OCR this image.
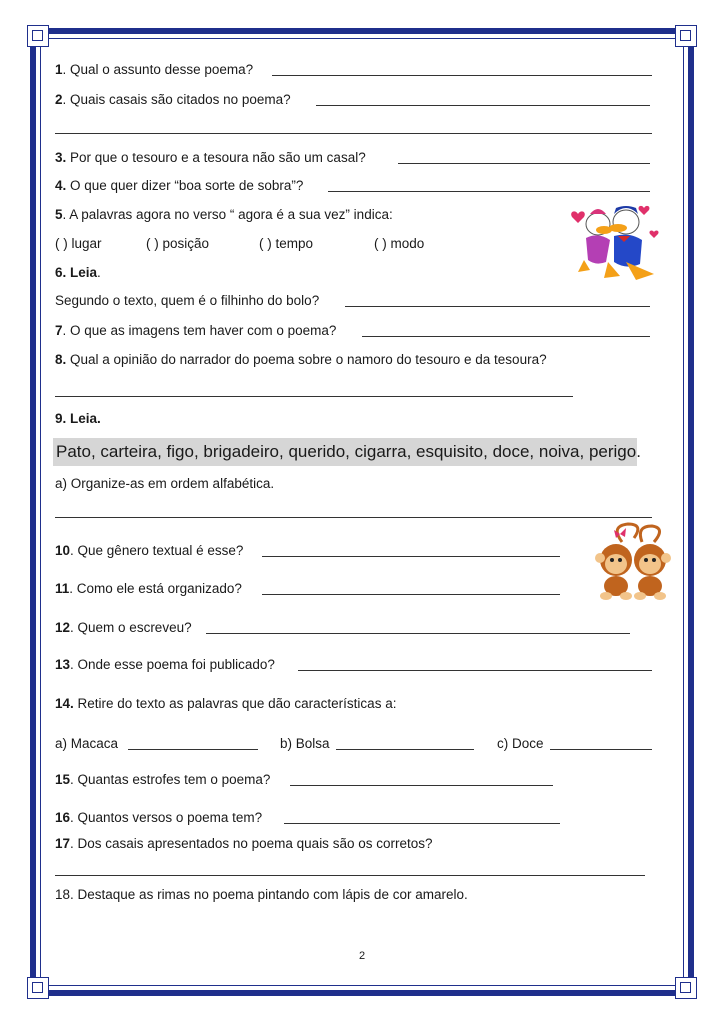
1. Qual o assunto desse poema?
2. Quais casais são citados no poema?
3. Por que o tesouro e a tesoura não são um casal?
4. O que quer dizer “boa sorte de sobra”?
5. A palavras agora no verso “ agora é a sua vez” indica:
( ) lugar	( ) posição	( ) tempo	( ) modo
6. Leia.
Segundo o texto, quem é o filhinho do bolo?
7. O que as imagens tem haver com o poema?
8. Qual a opinião do narrador do poema sobre o namoro do tesouro e da tesoura?
9. Leia.
Pato, carteira, figo, brigadeiro, querido, cigarra, esquisito, doce, noiva, perigo.
a) Organize-as em ordem alfabética.
10. Que gênero textual é esse?
11. Como ele está organizado?
12. Quem o escreveu?
13. Onde esse poema foi publicado?
14. Retire do texto as palavras que dão características a:
a) Macaca	b) Bolsa	c) Doce
15. Quantas estrofes tem o poema?
16. Quantos versos o poema tem?
17. Dos casais apresentados no poema quais são os corretos?
18. Destaque as rimas no poema pintando com lápis de cor amarelo.
2
